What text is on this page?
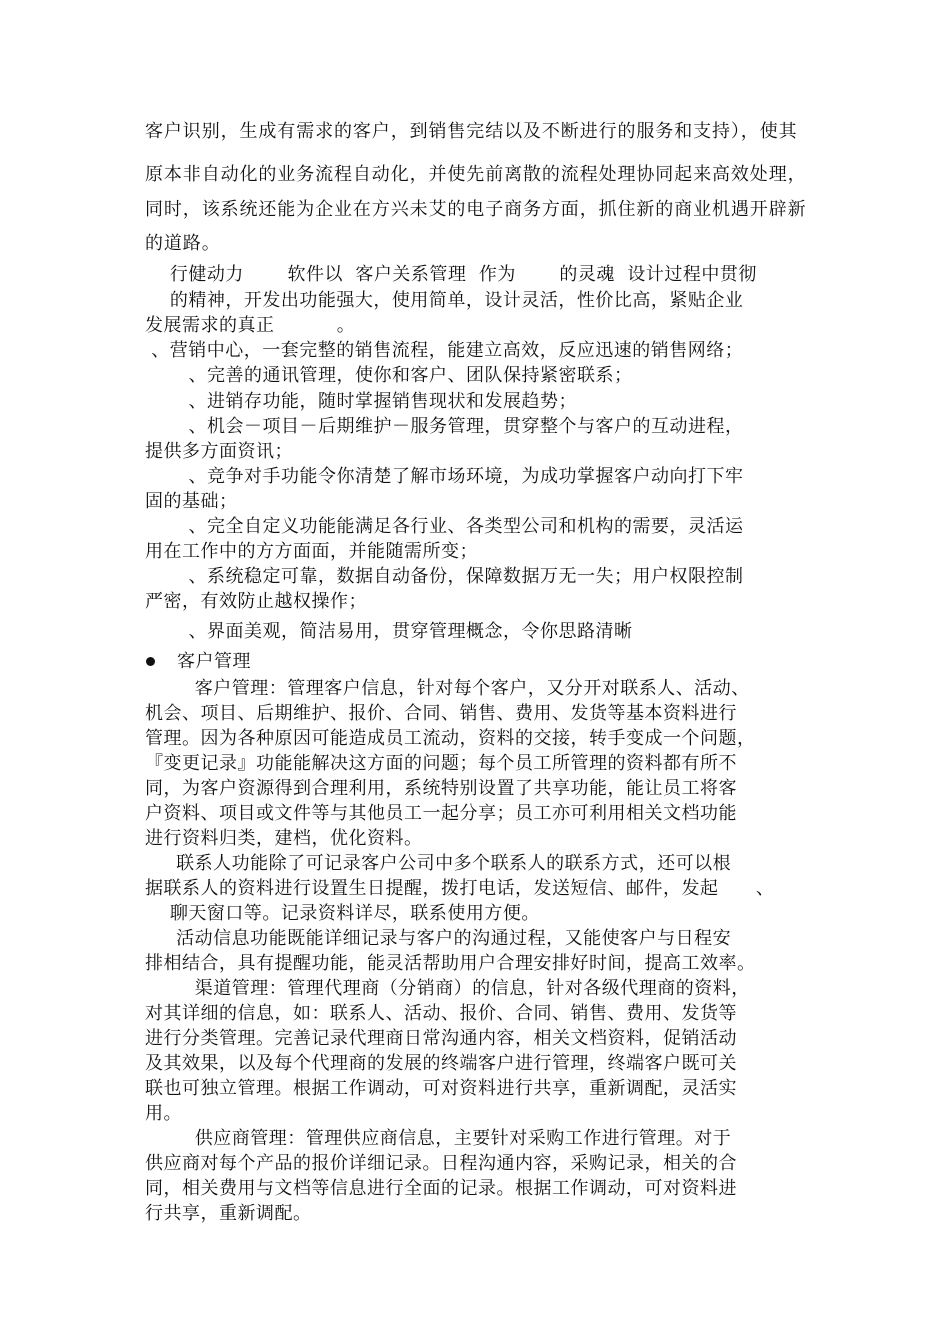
客户识别，生成有需求的客户，到销售完结以及不断进行的服务和支持），使其
原本非自动化的业务流程自动化，并使先前离散的流程处理协同起来高效处理，
同时，该系统还能为企业在方兴未艾的电子商务方面，抓住新的商业机遇开辟新
的道路。
行健动力       软件以  客户关系管理  作为       的灵魂  设计过程中贯彻
的精神，开发出功能强大，使用简单，设计灵活，性价比高，紧贴企业
发展需求的真正          。
、营销中心，一套完整的销售流程，能建立高效，反应迅速的销售网络；
、完善的通讯管理，使你和客户、团队保持紧密联系；
、进销存功能，随时掌握销售现状和发展趋势；
、机会－项目－后期维护－服务管理，贯穿整个与客户的互动进程，
提供多方面资讯；
、竞争对手功能令你清楚了解市场环境，为成功掌握客户动向打下牢
固的基础；
、完全自定义功能能满足各行业、各类型公司和机构的需要，灵活运
用在工作中的方方面面，并能随需所变；
、系统稳定可靠，数据自动备份，保障数据万无一失；用户权限控制
严密，有效防止越权操作；
、界面美观，简洁易用，贯穿管理概念，令你思路清晰
客户管理
客户管理：管理客户信息，针对每个客户，又分开对联系人、活动、
机会、项目、后期维护、报价、合同、销售、费用、发货等基本资料进行
管理。因为各种原因可能造成员工流动，资料的交接，转手变成一个问题，
『变更记录』功能能解决这方面的问题；每个员工所管理的资料都有所不
同，为客户资源得到合理利用，系统特别设置了共享功能，能让员工将客
户资料、项目或文件等与其他员工一起分享；员工亦可利用相关文档功能
进行资料归类，建档，优化资料。
联系人功能除了可记录客户公司中多个联系人的联系方式，还可以根
据联系人的资料进行设置生日提醒，拨打电话，发送短信、邮件，发起      、
聊天窗口等。记录资料详尽，联系使用方便。
活动信息功能既能详细记录与客户的沟通过程，又能使客户与日程安
排相结合，具有提醒功能，能灵活帮助用户合理安排好时间，提高工效率。
渠道管理：管理代理商（分销商）的信息，针对各级代理商的资料，
对其详细的信息，如：联系人、活动、报价、合同、销售、费用、发货等
进行分类管理。完善记录代理商日常沟通内容，相关文档资料，促销活动
及其效果，以及每个代理商的发展的终端客户进行管理，终端客户既可关
联也可独立管理。根据工作调动，可对资料进行共享，重新调配，灵活实
用。
供应商管理：管理供应商信息，主要针对采购工作进行管理。对于
供应商对每个产品的报价详细记录。日程沟通内容，采购记录，相关的合
同，相关费用与文档等信息进行全面的记录。根据工作调动，可对资料进
行共享，重新调配。
